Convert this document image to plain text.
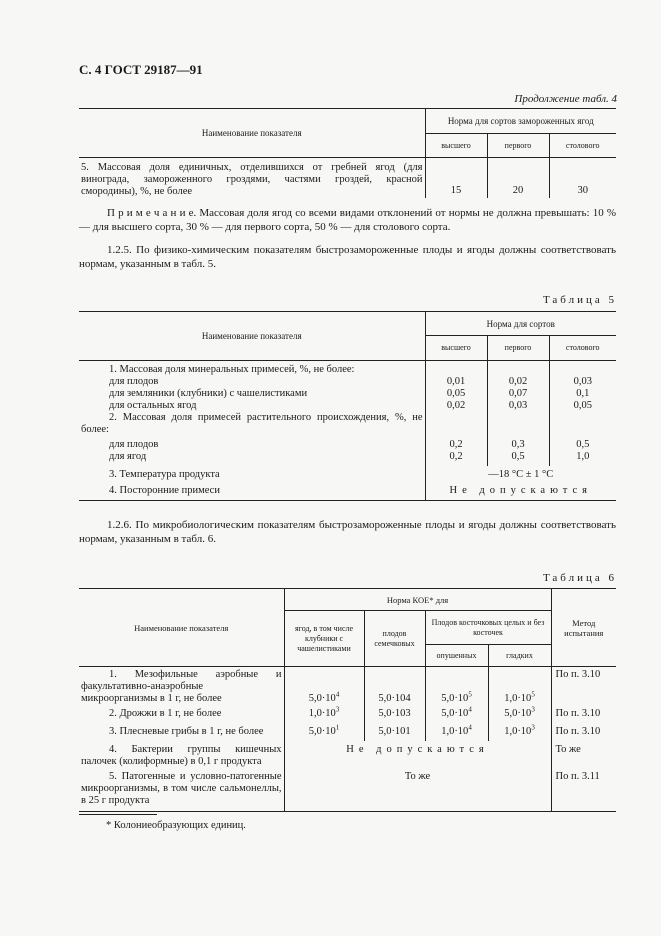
С. 4 ГОСТ 29187—91
Продолжение табл. 4
Наименование показателя	Норма для сортов замороженных ягод		
	высшего	первого	столового
5. Массовая доля единичных, отделившихся от гребней ягод (для винограда, замороженного гроздями, частями гроздей, красной смородины), %, не более	15	20	30
П р и м е ч а н и е. Массовая доля ягод со всеми видами отклонений от нормы не должна превышать: 10 % — для высшего сорта, 30 % — для первого сорта, 50 % — для столового сорта.
1.2.5. По физико-химическим показателям быстрозамороженные плоды и ягоды должны соответствовать нормам, указанным в табл. 5.
Таблица 5
Наименование показателя	Норма для сортов		
	высшего	первого	столового
1. Массовая доля минеральных примесей, %, не более:			
для плодов	0,01	0,02	0,03
для земляники (клубники) с чашелистиками	0,05	0,07	0,1
для остальных ягод	0,02	0,03	0,05
2. Массовая доля примесей растительного происхождения, %, не более:			
для плодов	0,2	0,3	0,5
для ягод	0,2	0,5	1,0
3. Температура продукта	—18 °С ± 1 °С		
4. Посторонние примеси	Не допускаются		
1.2.6. По микробиологическим показателям быстрозамороженные плоды и ягоды должны соответствовать нормам, указанным в табл. 6.
Таблица 6
Наименование показателя	Норма КОЕ* для				Метод испытания
	ягод, в том числе клубники с чашелистиками	плодов семечковых	Плодов косточковых целых и без косточек		
			опушенных	гладких	
1. Мезофильные аэробные и факультативно-анаэробные микроорганизмы в 1 г, не более	$5,0\cdot 10^4$	5,0·104	$5,0\cdot 10^5$	$1,0\cdot 10^5$	По п. 3.10
2. Дрожжи в 1 г, не более	$1,0\cdot 10^3$	5,0·103	$5,0\cdot 10^4$	$5,0\cdot 10^3$	По п. 3.10
3. Плесневые грибы в 1 г, не более	$5,0\cdot 10^1$	5,0·101	$1,0\cdot 10^4$	$1,0\cdot 10^3$	По п. 3.10
4. Бактерии группы кишечных палочек (колиформные) в 0,1 г продукта	Не допускаются				То же
5. Патогенные и условно-патогенные микроорганизмы, в том числе сальмонеллы, в 25 г продукта	То же				По п. 3.11
* Колониеобразующих единиц.
